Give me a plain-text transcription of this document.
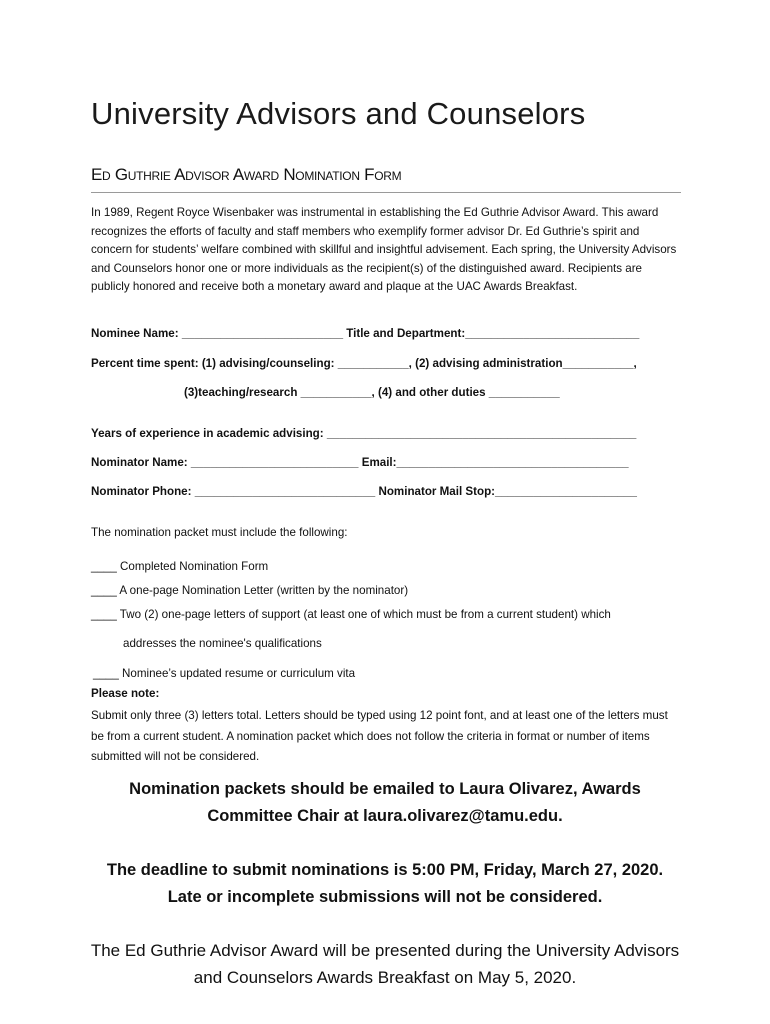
University Advisors and Counselors
Ed Guthrie Advisor Award Nomination Form
In 1989, Regent Royce Wisenbaker was instrumental in establishing the Ed Guthrie Advisor Award. This award recognizes the efforts of faculty and staff members who exemplify former advisor Dr. Ed Guthrie’s spirit and concern for students’ welfare combined with skillful and insightful advisement. Each spring, the University Advisors and Counselors honor one or more individuals as the recipient(s) of the distinguished award. Recipients are publicly honored and receive both a monetary award and plaque at the UAC Awards Breakfast.
Nominee Name: _________________________ Title and Department:___________________________
Percent time spent: (1) advising/counseling: ___________, (2) advising administration___________,
(3)teaching/research ___________, (4) and other duties ___________
Years of experience in academic advising: ________________________________________________
Nominator Name: __________________________ Email:____________________________________
Nominator Phone: ____________________________ Nominator Mail Stop:______________________
The nomination packet must include the following:
____ Completed Nomination Form
____ A one-page Nomination Letter (written by the nominator)
____ Two (2) one-page letters of support (at least one of which must be from a current student) which
addresses the nominee's qualifications
____ Nominee’s updated resume or curriculum vita
Please note:
Submit only three (3) letters total. Letters should be typed using 12 point font, and at least one of the letters must be from a current student. A nomination packet which does not follow the criteria in format or number of items submitted will not be considered.
Nomination packets should be emailed to Laura Olivarez, Awards Committee Chair at laura.olivarez@tamu.edu.
The deadline to submit nominations is 5:00 PM, Friday, March 27, 2020. Late or incomplete submissions will not be considered.
The Ed Guthrie Advisor Award will be presented during the University Advisors and Counselors Awards Breakfast on May 5, 2020.
